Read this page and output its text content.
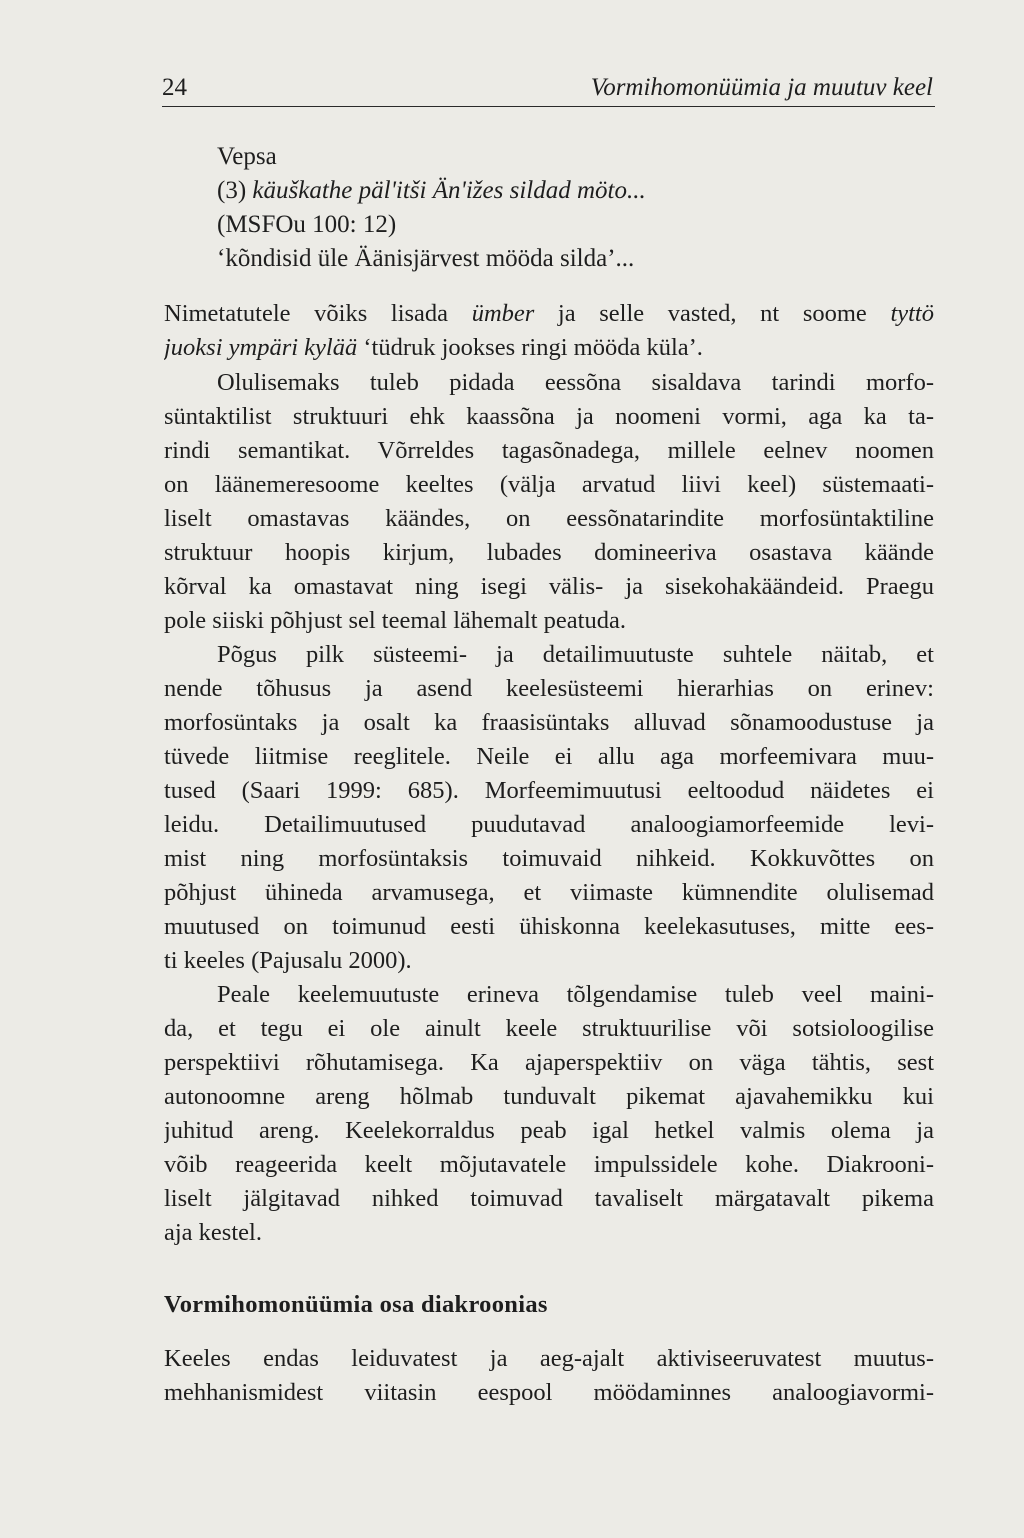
24	Vormihomonüümia ja muutuv keel
Vepsa
(3) käuškathe päl'itši Än'ižes sildad möto...
(MSFOu 100: 12)
‘kõndisid üle Äänisjärvest mööda silda’...
Nimetatutele võiks lisada ümber ja selle vasted, nt soome tyttö
juoksi ympäri kylää ‘tüdruk jookses ringi mööda küla’.
Olulisemaks tuleb pidada eessõna sisaldava tarindi morfo-
süntaktilist struktuuri ehk kaassõna ja noomeni vormi, aga ka ta-
rindi semantikat. Võrreldes tagasõnadega, millele eelnev noomen
on läänemeresoome keeltes (välja arvatud liivi keel) süstemaati-
liselt omastavas käändes, on eessõnatarindite morfosüntaktiline
struktuur hoopis kirjum, lubades domineeriva osastava käände
kõrval ka omastavat ning isegi välis- ja sisekohakäändeid. Praegu
pole siiski põhjust sel teemal lähemalt peatuda.
Põgus pilk süsteemi- ja detailimuutuste suhtele näitab, et
nende tõhusus ja asend keelesüsteemi hierarhias on erinev:
morfosüntaks ja osalt ka fraasisüntaks alluvad sõnamoodustuse ja
tüvede liitmise reeglitele. Neile ei allu aga morfeemivara muu-
tused (Saari 1999: 685). Morfeemimuutusi eeltoodud näidetes ei
leidu. Detailimuutused puudutavad analoogiamorfeemide levi-
mist ning morfosüntaksis toimuvaid nihkeid. Kokkuvõttes on
põhjust ühineda arvamusega, et viimaste kümnendite olulisemad
muutused on toimunud eesti ühiskonna keelekasutuses, mitte ees-
ti keeles (Pajusalu 2000).
Peale keelemuutuste erineva tõlgendamise tuleb veel maini-
da, et tegu ei ole ainult keele struktuurilise või sotsioloogilise
perspektiivi rõhutamisega. Ka ajaperspektiiv on väga tähtis, sest
autonoomne areng hõlmab tunduvalt pikemat ajavahemikku kui
juhitud areng. Keelekorraldus peab igal hetkel valmis olema ja
võib reageerida keelt mõjutavatele impulssidele kohe. Diakrooni-
liselt jälgitavad nihked toimuvad tavaliselt märgatavalt pikema
aja kestel.
Vormihomonüümia osa diakroonias
Keeles endas leiduvatest ja aeg-ajalt aktiviseeruvatest muutus-
mehhanismidest viitasin eespool möödaminnes analoogiavormi-
